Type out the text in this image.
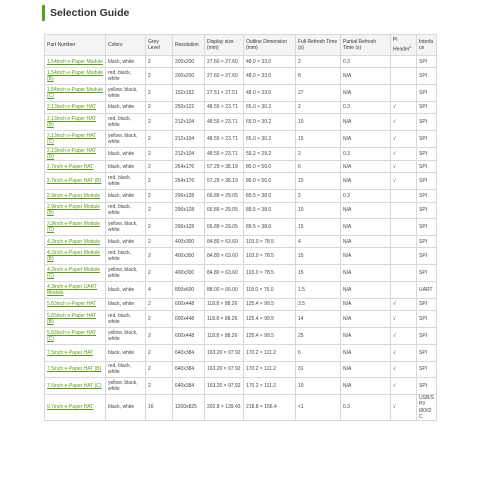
Selection Guide
Part Number	Colors	Grey Level	Resolution	Display size (mm)	Outline Dimension (mm)	Full Refresh Time (s)	Partial Refresh Time (s)	Pi Header$^1$	Interface
1.54inch e-Paper Module	black, white	2	200x200	27.60 × 27.60	48.0 × 33.0	2	0.3		SPI
1.54inch e-Paper Module (B)	red, black, white	2	200x200	27.60 × 27.60	48.0 × 33.0	8	N/A		SPI
1.54inch e-Paper Module (C)	yellow, black, white	2	152x152	27.51 × 27.51	48.0 × 33.0	27	N/A		SPI
2.13inch e-Paper HAT	black, white	2	250x122	48.55 × 23.71	65.0 × 30.2	2	0.3	√	SPI
2.13inch e-Paper HAT (B)	red, black, white	2	212x104	48.55 × 23.71	65.0 × 30.2	15	N/A	√	SPI
2.13inch e-Paper HAT (C)	yellow, black, white	2	212x104	48.55 × 23.71	65.0 × 30.2	15	N/A	√	SPI
2.13inch e-Paper HAT (D)	black, white	2	212x104	48.55 × 23.71	59.2 × 29.2	2	0.3	√	SPI
2.7inch e-Paper HAT	black, white	2	264x176	57.29 × 38.19	85.0 × 56.0	6	N/A	√	SPI
2.7inch e-Paper HAT (B)	red, black, white	2	264x176	57.29 × 38.19	85.0 × 56.0	15	N/A	√	SPI
2.9inch e-Paper Module	black, white	2	296x128	66.89 × 29.05	89.5 × 38.0	2	0.3		SPI
2.9inch e-Paper Module (B)	red, black, white	2	296x128	66.89 × 29.05	89.5 × 38.0	15	N/A		SPI
2.9inch e-Paper Module (C)	yellow, black, white	2	296x128	66.89 × 29.05	89.5 × 38.0	15	N/A		SPI
4.2inch e-Paper Module	black, white	2	400x300	84.80 × 63.60	103.0 × 78.5	4	N/A		SPI
4.2inch e-Paper Module (B)	red, black, white	2	400x300	84.80 × 63.60	103.0 × 78.5	15	N/A		SPI
4.2inch e-Paper Module (C)	yellow, black, white	2	400x300	84.80 × 63.60	103.0 × 78.5	15	N/A		SPI
4.3inch e-Paper UART Module	black, white	4	800x600	88.00 × 66.00	118.0 × 75.0	1.5	N/A		UART
5.83inch e-Paper HAT	black, white	2	600x448	118.8 × 88.26	125.4 × 99.5	3.5	N/A	√	SPI
5.83inch e-Paper HAT (B)	red, black, white	2	600x448	118.8 × 88.26	125.4 × 99.5	14	N/A	√	SPI
5.83inch e-Paper HAT (C)	yellow, black, white	2	600x448	118.8 × 88.26	125.4 × 99.5	25	N/A	√	SPI
7.5inch e-Paper HAT	black, white	2	640x384	163.20 × 97.92	170.2 × 111.2	6	N/A	√	SPI
7.5inch e-Paper HAT (B)	red, black, white	2	640x384	163.20 × 97.92	170.2 × 111.2	31	N/A	√	SPI
7.5inch e-Paper HAT (C)	yellow, black, white	2	640x384	163.20 × 97.92	170.2 × 111.2	19	N/A	√	SPI
9.7inch e-Paper HAT	black, white	16	1200x825	202.8 × 139.43	218.8 × 156.4	<1	0.3	√	USB/SPI/ I80/I2C
